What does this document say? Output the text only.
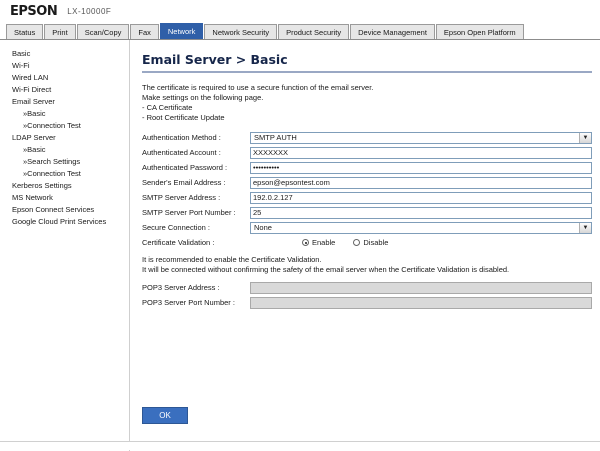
EPSON LX-10000F
Status	Print	Scan/Copy	Fax	Network	Network Security	Product Security	Device Management	Epson Open Platform
Basic
Wi-Fi
Wired LAN
Wi-Fi Direct
Email Server
»Basic
»Connection Test
LDAP Server
»Basic
»Search Settings
»Connection Test
Kerberos Settings
MS Network
Epson Connect Services
Google Cloud Print Services
Email Server > Basic
The certificate is required to use a secure function of the email server.
Make settings on the following page.
- CA Certificate
- Root Certificate Update
Authentication Method :	SMTP AUTH	▼
Authenticated Account :
XXXXXXX
Authenticated Password :
••••••••••
Sender's Email Address :
epson@epsontest.com
SMTP Server Address :
192.0.2.127
SMTP Server Port Number :
25
Secure Connection :	None	▼
Certificate Validation :	Enable	Disable
It is recommended to enable the Certificate Validation.
It will be connected without confirming the safety of the email server when the Certificate Validation is disabled.
POP3 Server Address :
POP3 Server Port Number :
OK
